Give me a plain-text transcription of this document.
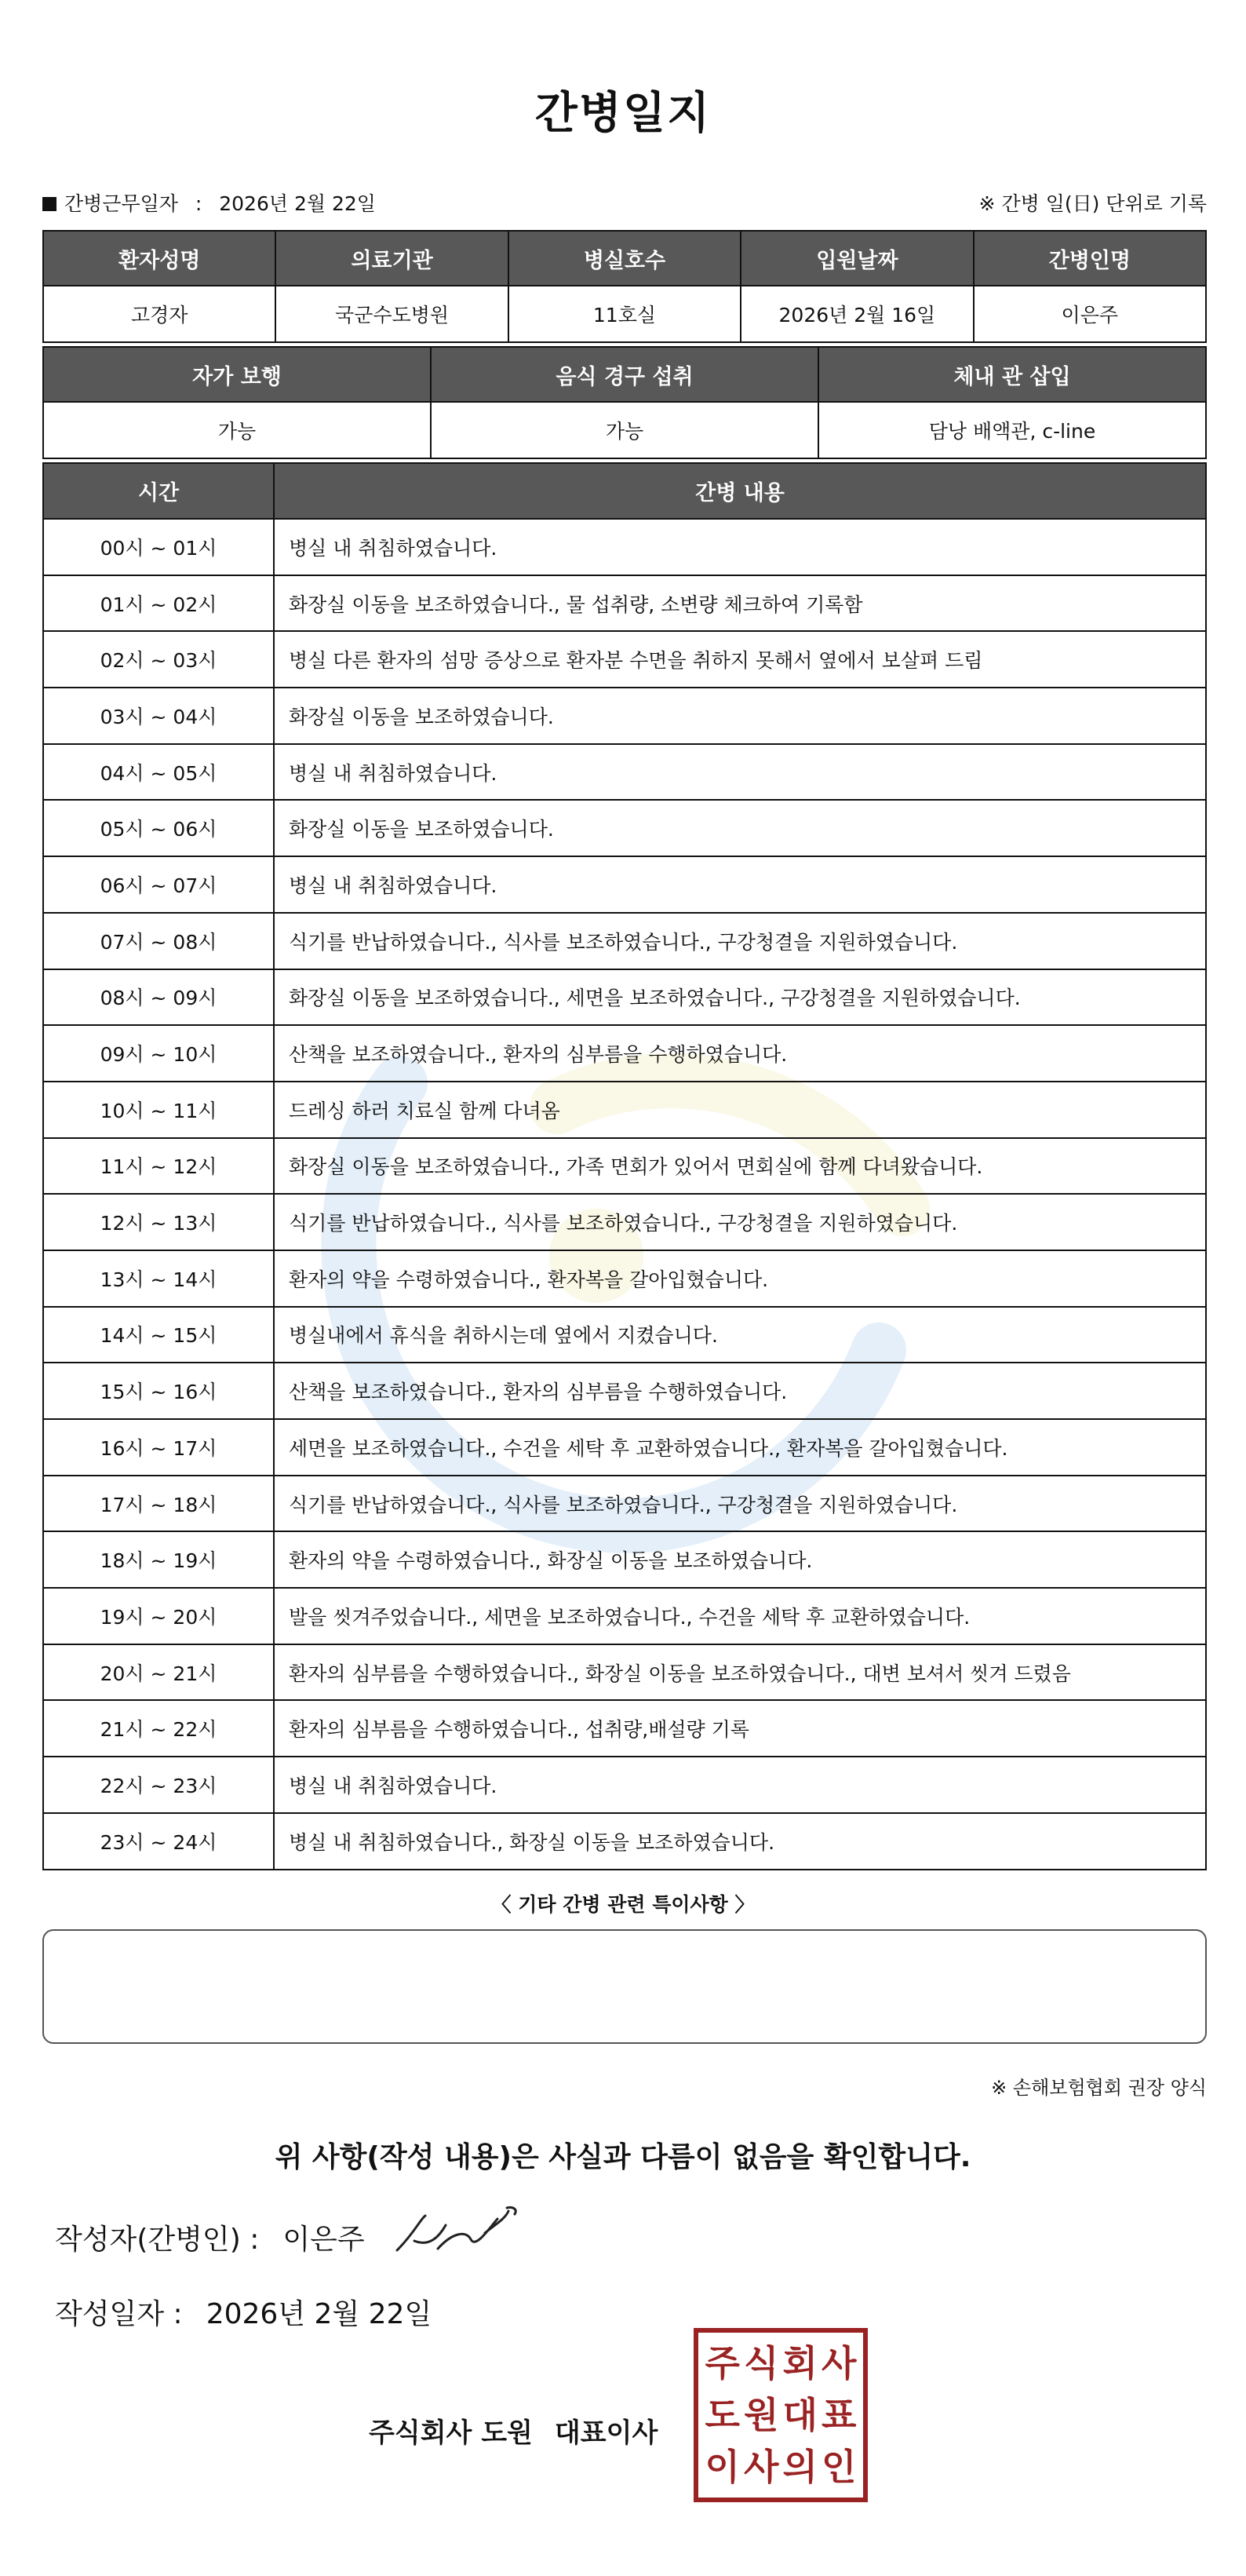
간병일지
간병근무일자 : 2026년 2월 22일	※ 간병 일(日) 단위로 기록
환자성명	의료기관	병실호수	입원날짜	간병인명
고경자	국군수도병원	11호실	2026년 2월 16일	이은주
자가 보행	음식 경구 섭취	체내 관 삽입
가능	가능	담낭 배액관, c-line
시간	간병 내용
00시 ~ 01시	병실 내 취침하였습니다.
01시 ~ 02시	화장실 이동을 보조하였습니다., 물 섭취량, 소변량 체크하여 기록함
02시 ~ 03시	병실 다른 환자의 섬망 증상으로 환자분 수면을 취하지 못해서 옆에서 보살펴 드림
03시 ~ 04시	화장실 이동을 보조하였습니다.
04시 ~ 05시	병실 내 취침하였습니다.
05시 ~ 06시	화장실 이동을 보조하였습니다.
06시 ~ 07시	병실 내 취침하였습니다.
07시 ~ 08시	식기를 반납하였습니다., 식사를 보조하였습니다., 구강청결을 지원하였습니다.
08시 ~ 09시	화장실 이동을 보조하였습니다., 세면을 보조하였습니다., 구강청결을 지원하였습니다.
09시 ~ 10시	산책을 보조하였습니다., 환자의 심부름을 수행하였습니다.
10시 ~ 11시	드레싱 하러 치료실 함께 다녀옴
11시 ~ 12시	화장실 이동을 보조하였습니다., 가족 면회가 있어서 면회실에 함께 다녀왔습니다.
12시 ~ 13시	식기를 반납하였습니다., 식사를 보조하였습니다., 구강청결을 지원하였습니다.
13시 ~ 14시	환자의 약을 수령하였습니다., 환자복을 갈아입혔습니다.
14시 ~ 15시	병실내에서 휴식을 취하시는데 옆에서 지켰습니다.
15시 ~ 16시	산책을 보조하였습니다., 환자의 심부름을 수행하였습니다.
16시 ~ 17시	세면을 보조하였습니다., 수건을 세탁 후 교환하였습니다., 환자복을 갈아입혔습니다.
17시 ~ 18시	식기를 반납하였습니다., 식사를 보조하였습니다., 구강청결을 지원하였습니다.
18시 ~ 19시	환자의 약을 수령하였습니다., 화장실 이동을 보조하였습니다.
19시 ~ 20시	발을 씻겨주었습니다., 세면을 보조하였습니다., 수건을 세탁 후 교환하였습니다.
20시 ~ 21시	환자의 심부름을 수행하였습니다., 화장실 이동을 보조하였습니다., 대변 보셔서 씻겨 드렸음
21시 ~ 22시	환자의 심부름을 수행하였습니다., 섭취량,배설량 기록
22시 ~ 23시	병실 내 취침하였습니다.
23시 ~ 24시	병실 내 취침하였습니다., 화장실 이동을 보조하였습니다.
〈 기타 간병 관련 특이사항 〉
※ 손해보험협회 권장 양식
위 사항(작성 내용)은 사실과 다름이 없음을 확인합니다.
작성자(간병인) : 이은주
작성일자 : 2026년 2월 22일
주식회사 도원 대표이사
주 식 회 사
도 원 대 표
이 사 의 인
